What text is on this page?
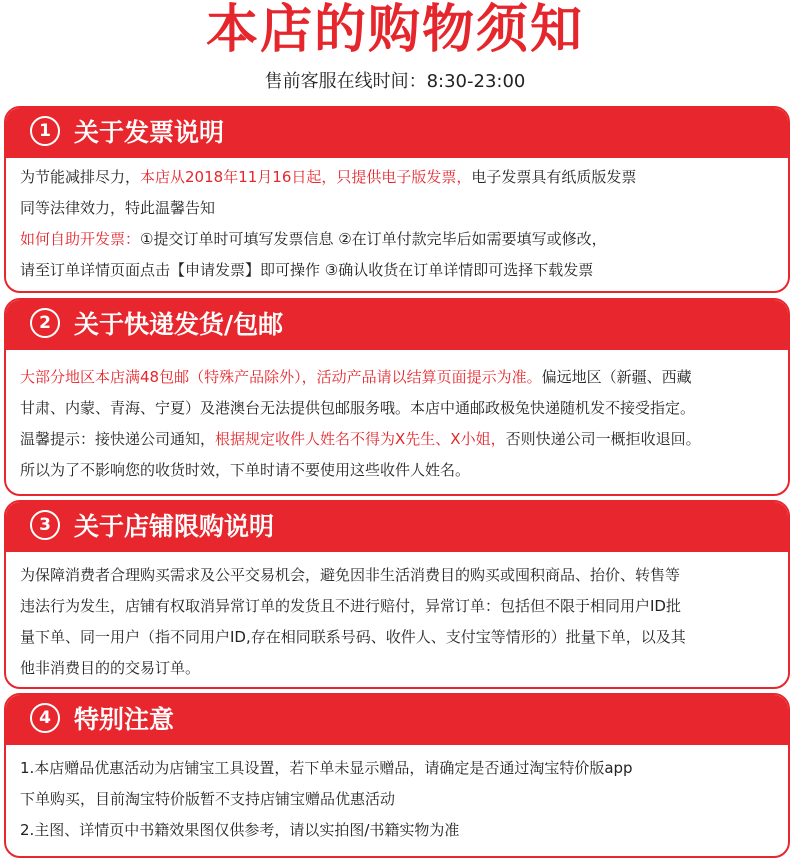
本店的购物须知
售前客服在线时间：8:30-23:00
1 关于发票说明
为节能减排尽力，本店从2018年11月16日起，只提供电子版发票，电子发票具有纸质版发票
同等法律效力，特此温馨告知
如何自助开发票：①提交订单时可填写发票信息 ②在订单付款完毕后如需要填写或修改，
请至订单详情页面点击【申请发票】即可操作 ③确认收货在订单详情即可选择下载发票
2 关于快递发货/包邮
大部分地区本店满48包邮（特殊产品除外），活动产品请以结算页面提示为准。偏远地区（新疆、西藏
甘肃、内蒙、青海、宁夏）及港澳台无法提供包邮服务哦。本店中通邮政极兔快递随机发不接受指定。
温馨提示：接快递公司通知，根据规定收件人姓名不得为X先生、X小姐，否则快递公司一概拒收退回。
所以为了不影响您的收货时效，下单时请不要使用这些收件人姓名。
3 关于店铺限购说明
为保障消费者合理购买需求及公平交易机会，避免因非生活消费目的购买或囤积商品、抬价、转售等
违法行为发生，店铺有权取消异常订单的发货且不进行赔付，异常订单：包括但不限于相同用户ID批
量下单、同一用户（指不同用户ID,存在相同联系号码、收件人、支付宝等情形的）批量下单，以及其
他非消费目的的交易订单。
4 特别注意
1.本店赠品优惠活动为店铺宝工具设置，若下单未显示赠品，请确定是否通过淘宝特价版app
下单购买，目前淘宝特价版暂不支持店铺宝赠品优惠活动
2.主图、详情页中书籍效果图仅供参考，请以实拍图/书籍实物为准
